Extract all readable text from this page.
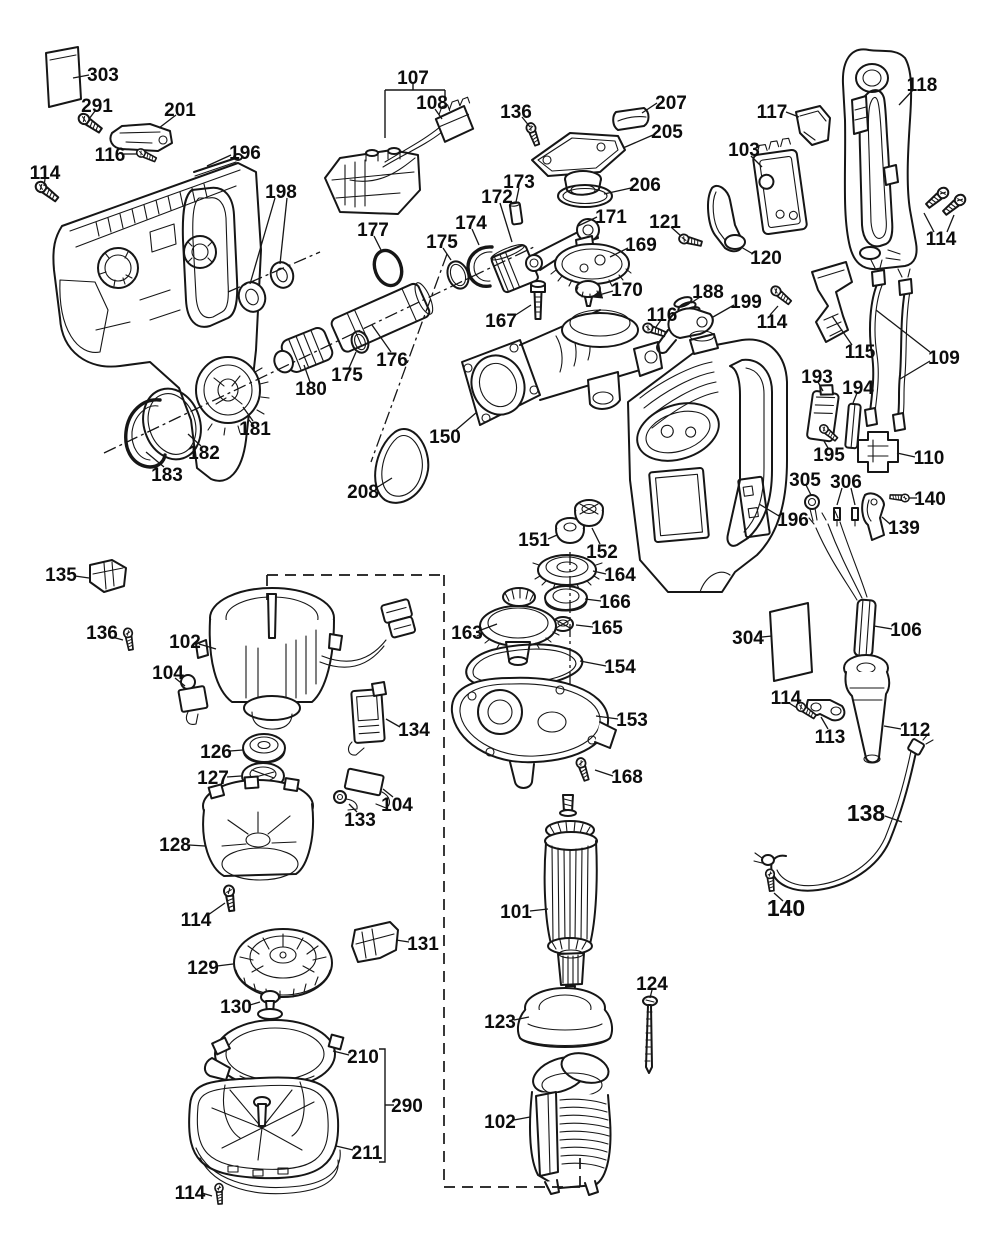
303
291	201
116	196
114
198
107
108	136	207
205
206
117
103
118
173
172
174
177
175
171 121
169
170
114
120
167
188 199
116	114
115	109
176
175
180
193
194
181
182
183
195	110
150
208
305 306
140
139
196
151
152
164
166
165
163
154
153
168
135
136	102
104
134
126
127
104
133
128
304	106
114
113	112
138
140
114	101
129
131
130
124
123
210
290
211
102
114
